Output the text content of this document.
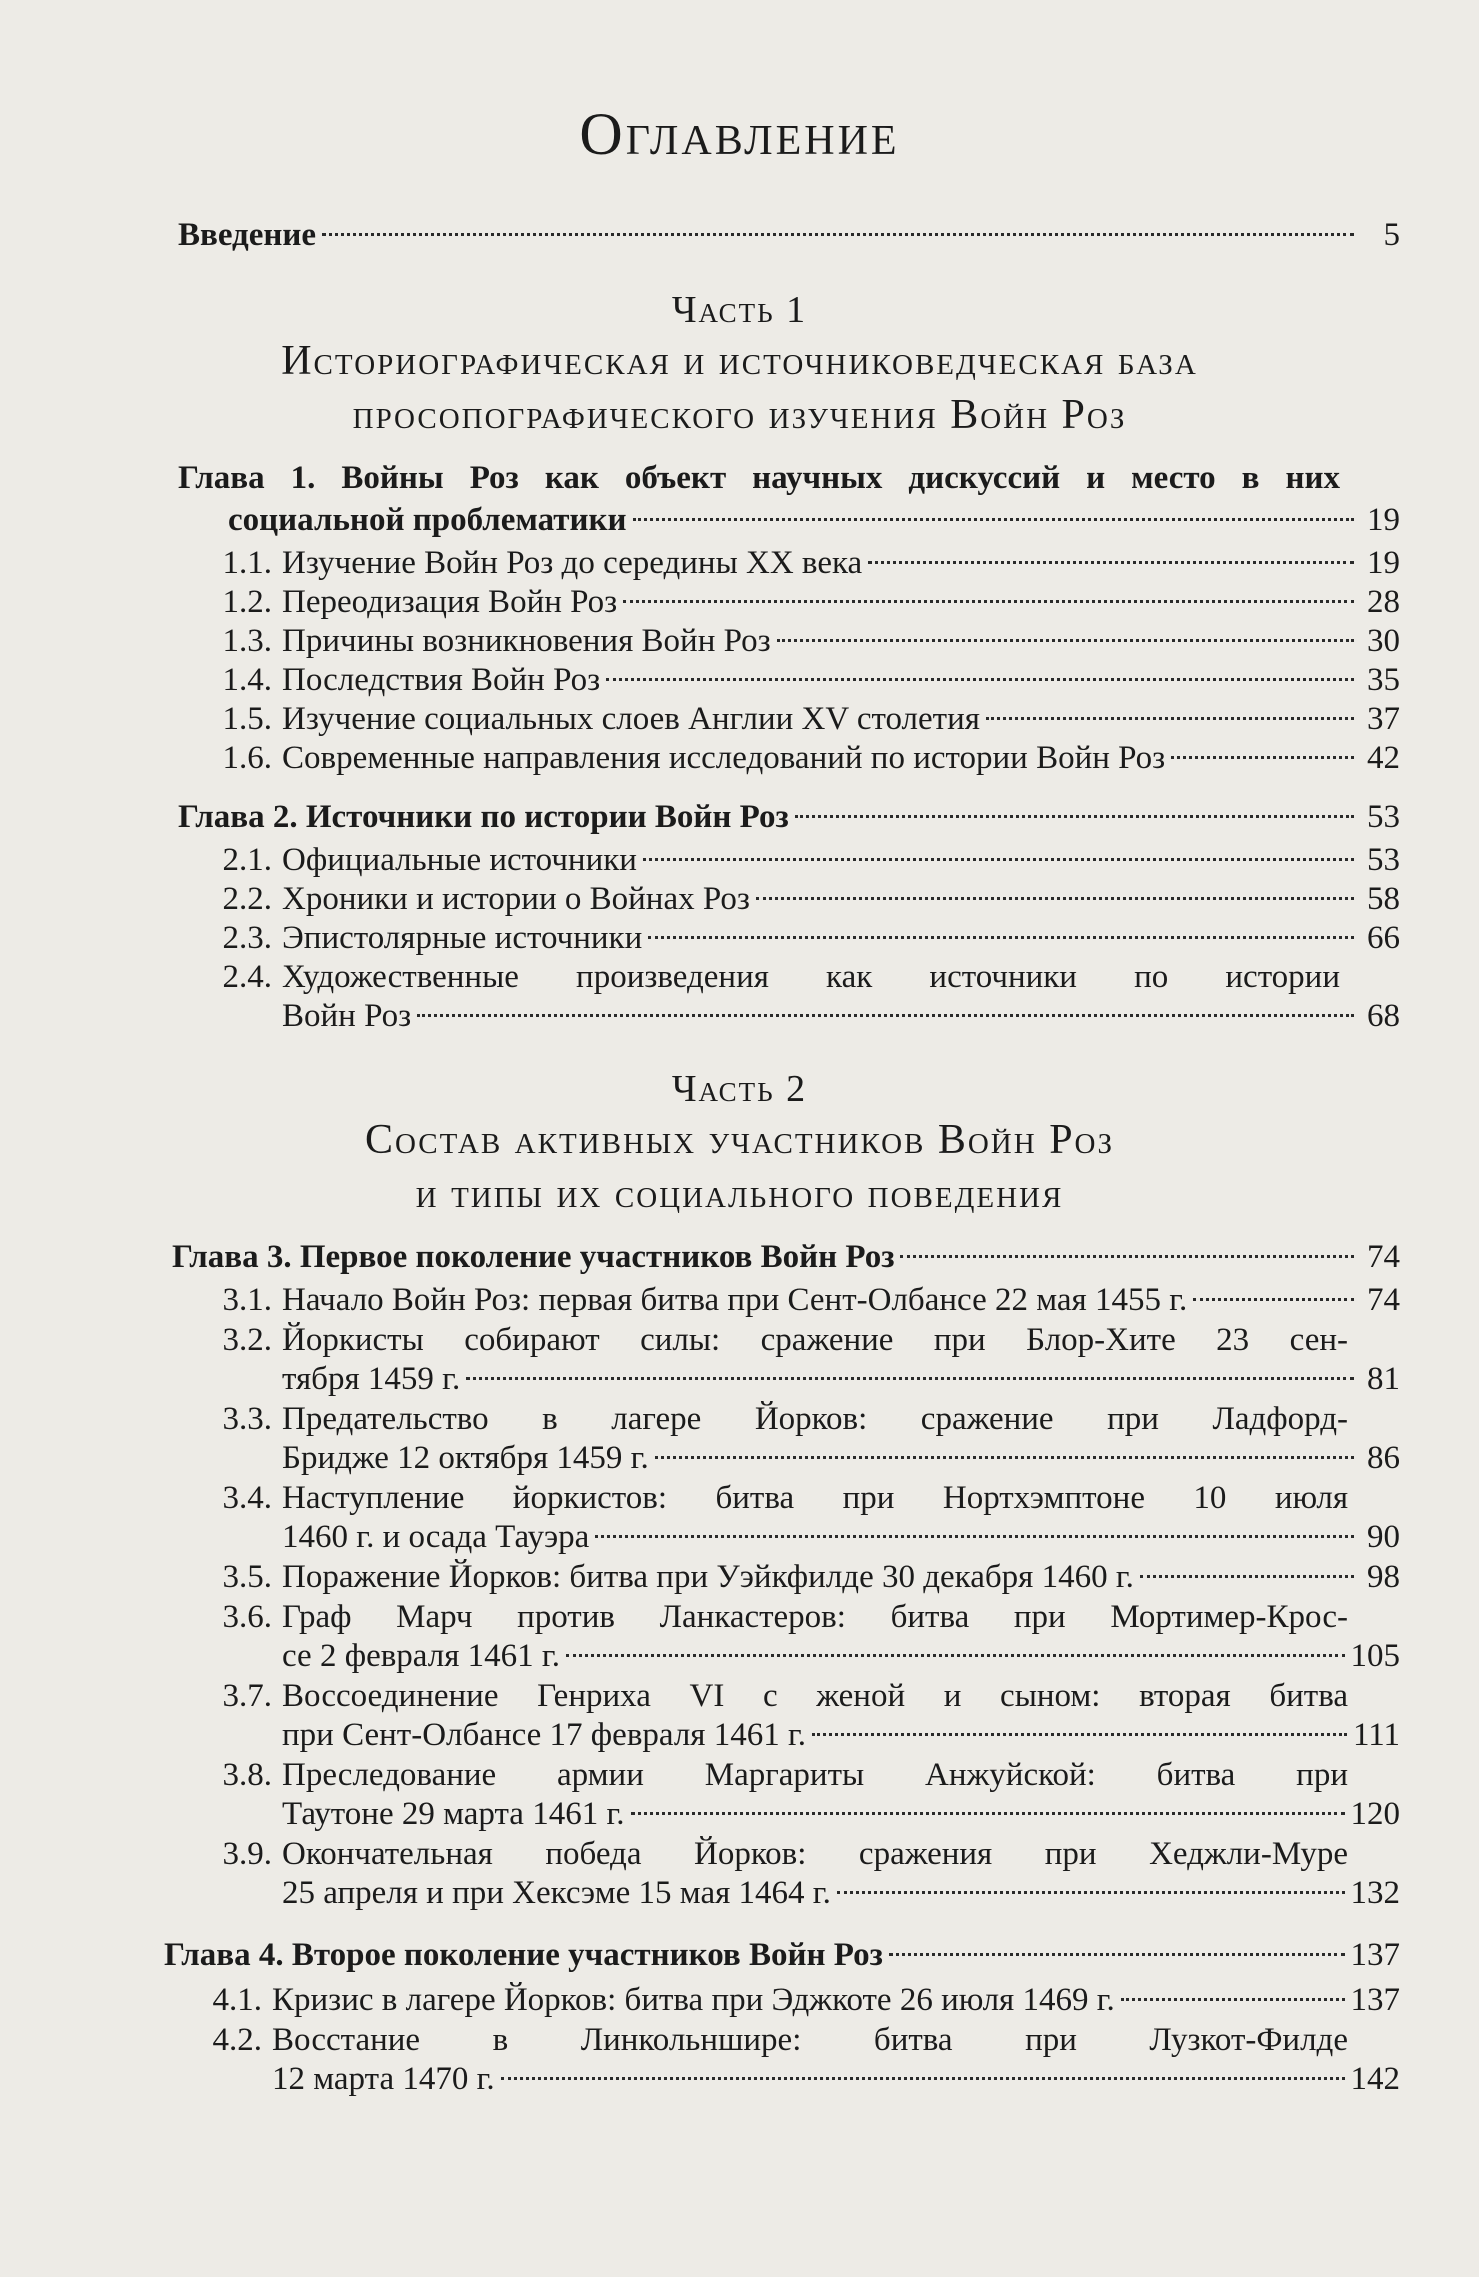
Оглавление
Введение	5
Часть 1
Историографическая и источниковедческая база
просопографического изучения Войн Роз
Глава 1. Войны Роз как объект научных дискуссий и место в них
социальной проблематики	19
1.1. Изучение Войн Роз до середины XX века	19
1.2. Переодизация Войн Роз	28
1.3. Причины возникновения Войн Роз	30
1.4. Последствия Войн Роз	35
1.5. Изучение социальных слоев Англии XV столетия	37
1.6. Современные направления исследований по истории Войн Роз	42
Глава 2. Источники по истории Войн Роз	53
2.1. Официальные источники	53
2.2. Хроники и истории о Войнах Роз	58
2.3. Эпистолярные источники	66
2.4. Художественные произведения как источники по истории
Войн Роз	68
Часть 2
Состав активных участников Войн Роз
и типы их социального поведения
Глава 3. Первое поколение участников Войн Роз	74
3.1. Начало Войн Роз: первая битва при Сент-Олбансе 22 мая 1455 г.	74
3.2. Йоркисты собирают силы: сражение при Блор-Хите 23 сен-
тября 1459 г.	81
3.3. Предательство в лагере Йорков: сражение при Ладфорд-
Бридже 12 октября 1459 г.	86
3.4. Наступление йоркистов: битва при Нортхэмптоне 10 июля
1460 г. и осада Тауэра	90
3.5. Поражение Йорков: битва при Уэйкфилде 30 декабря 1460 г.	98
3.6. Граф Марч против Ланкастеров: битва при Мортимер-Крос-
се 2 февраля 1461 г.	105
3.7. Воссоединение Генриха VI с женой и сыном: вторая битва
при Сент-Олбансе 17 февраля 1461 г.	111
3.8. Преследование армии Маргариты Анжуйской: битва при
Таутоне 29 марта 1461 г.	120
3.9. Окончательная победа Йорков: сражения при Хеджли-Муре
25 апреля и при Хексэме 15 мая 1464 г.	132
Глава 4. Второе поколение участников Войн Роз	137
4.1. Кризис в лагере Йорков: битва при Эджкоте 26 июля 1469 г.	137
4.2. Восстание в Линкольншире: битва при Лузкот-Филде
12 марта 1470 г.	142
